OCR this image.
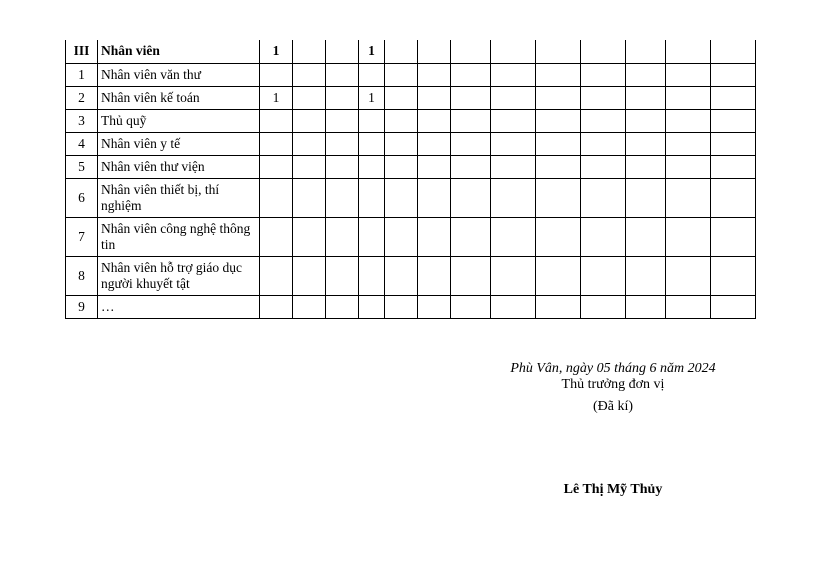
III	Nhân viên	1			1									
1	Nhân viên văn thư													
2	Nhân viên kế toán	1			1									
3	Thủ quỹ													
4	Nhân viên y tế													
5	Nhân viên thư viện													
6	Nhân viên thiết bị, thí nghiệm													
7	Nhân viên công nghệ thông tin													
8	Nhân viên hỗ trợ giáo dục người khuyết tật													
9	…													
Phù Vân, ngày 05 tháng 6 năm 2024
Thủ trưởng đơn vị
(Đã kí)
Lê Thị Mỹ Thủy
